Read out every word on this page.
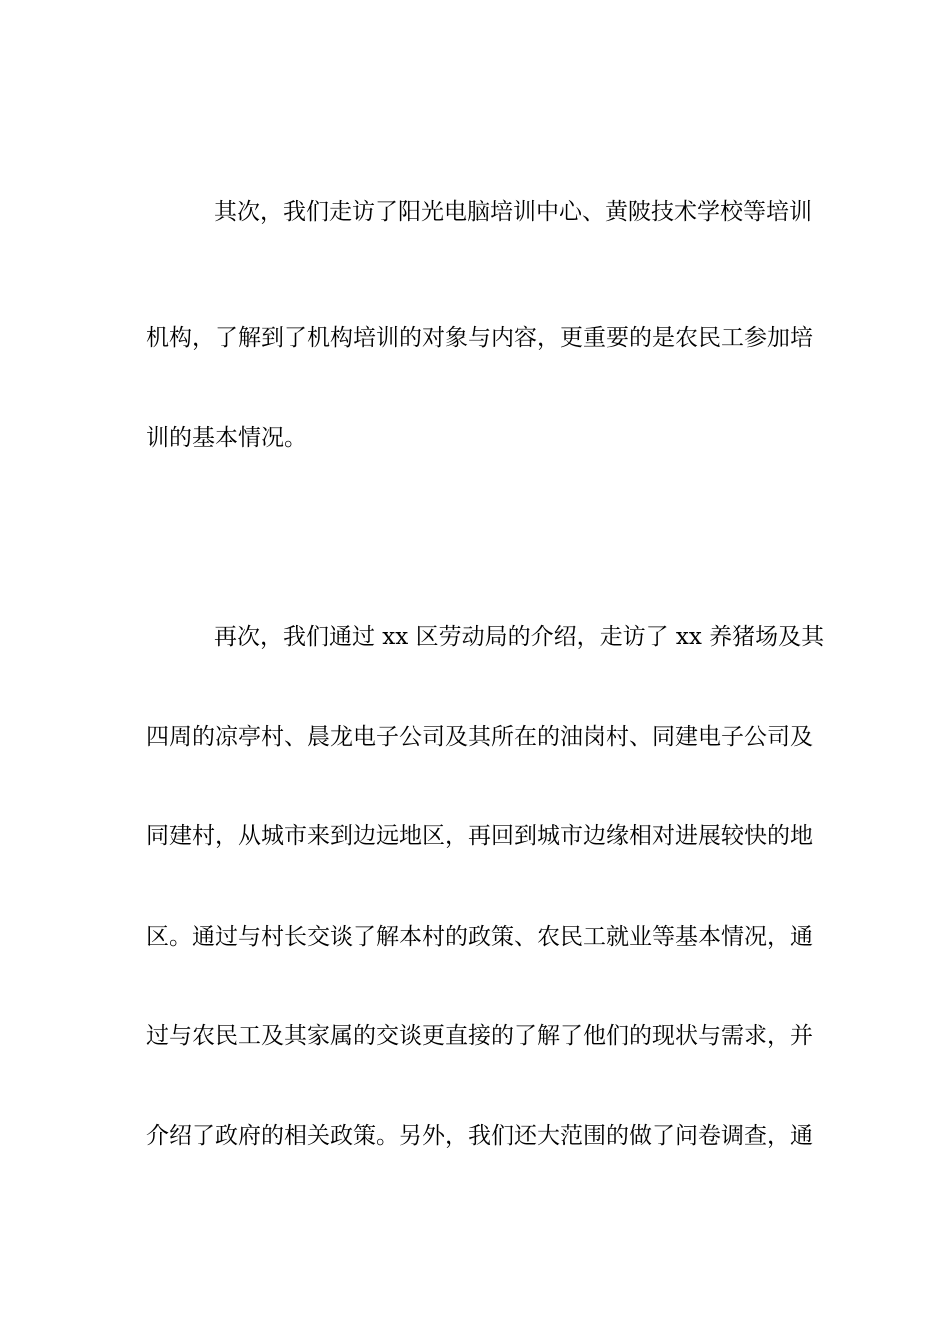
其次，我们走访了阳光电脑培训中心、黄陂技术学校等培训
机构，了解到了机构培训的对象与内容，更重要的是农民工参加培
训的基本情况。
再次，我们通过 xx 区劳动局的介绍，走访了 xx 养猪场及其
四周的凉亭村、晨龙电子公司及其所在的油岗村、同建电子公司及
同建村，从城市来到边远地区，再回到城市边缘相对进展较快的地
区。通过与村长交谈了解本村的政策、农民工就业等基本情况，通
过与农民工及其家属的交谈更直接的了解了他们的现状与需求，并
介绍了政府的相关政策。另外，我们还大范围的做了问卷调查，通
